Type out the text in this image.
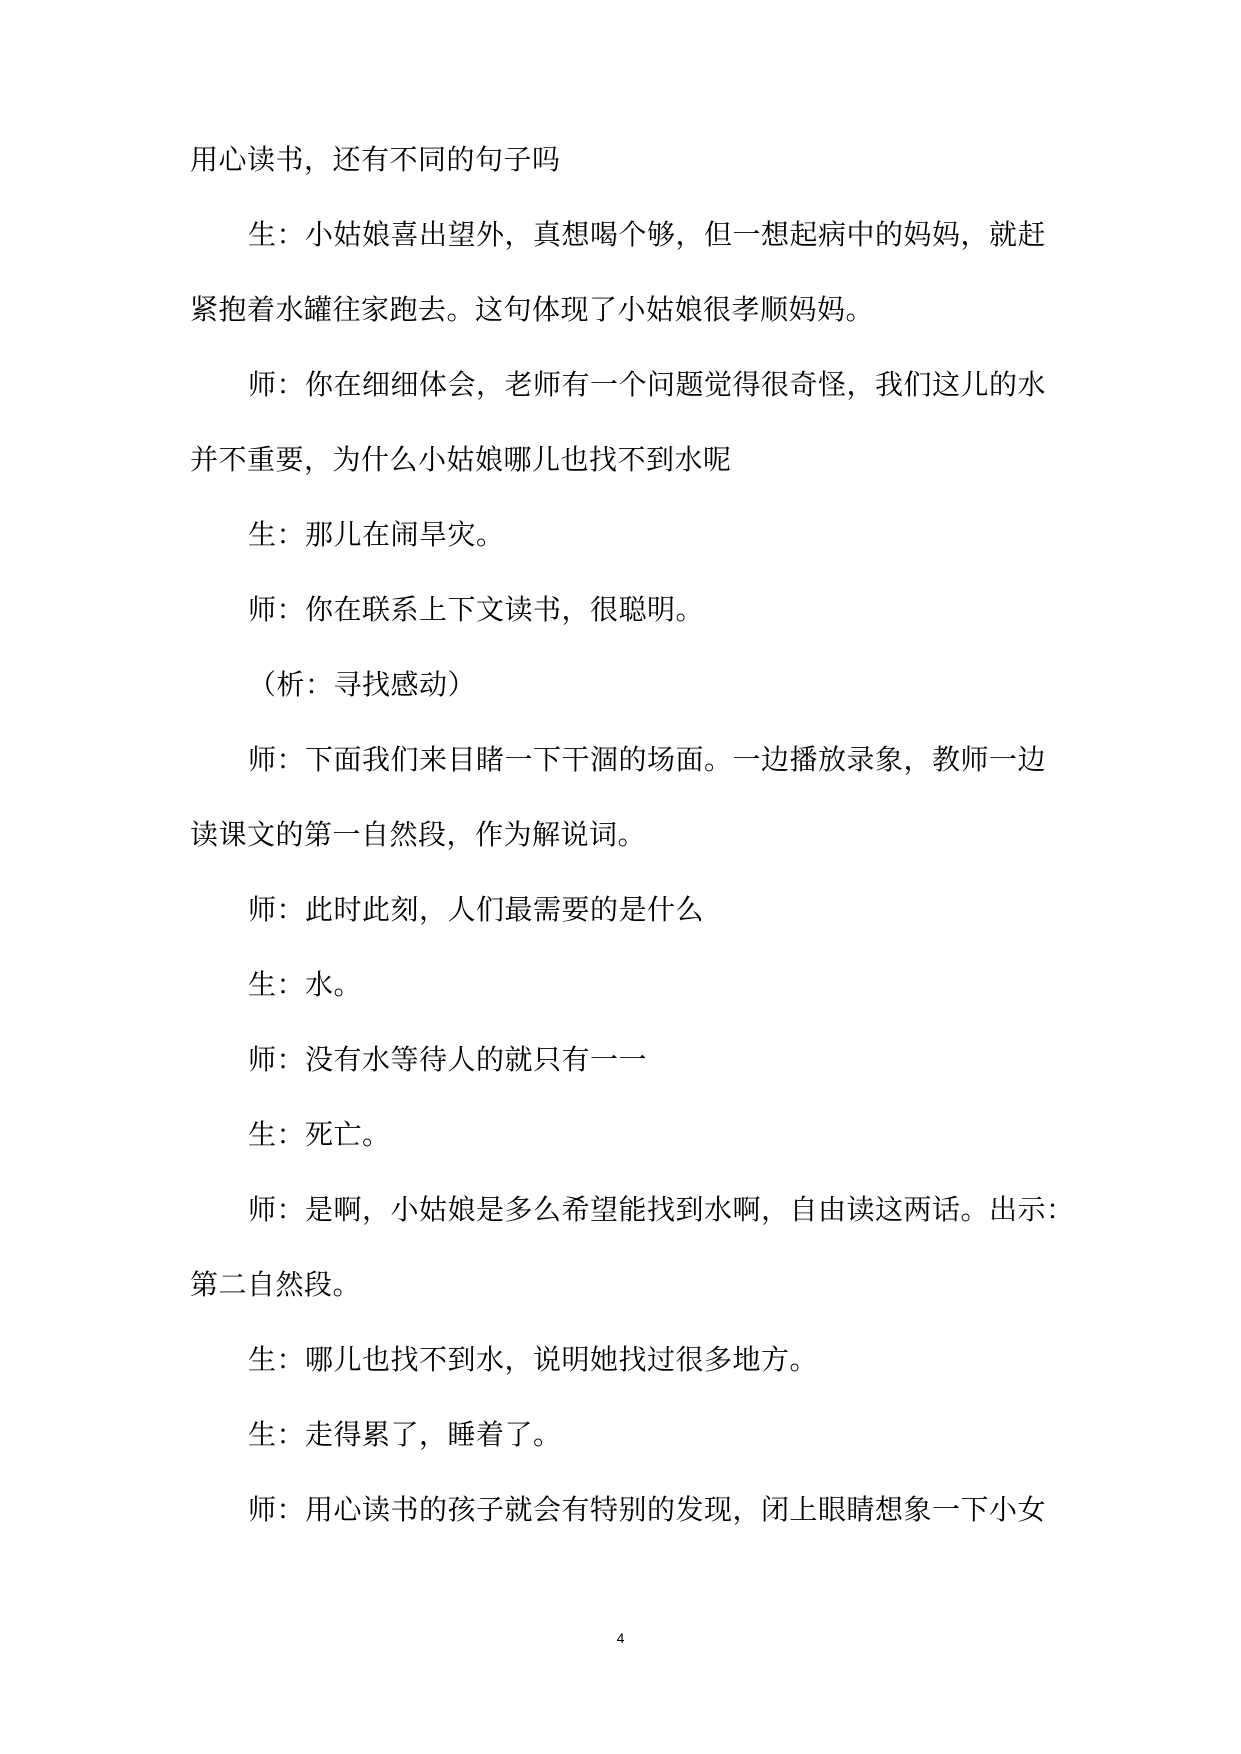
用心读书，还有不同的句子吗
生：小姑娘喜出望外，真想喝个够，但一想起病中的妈妈，就赶
紧抱着水罐往家跑去。这句体现了小姑娘很孝顺妈妈。
师：你在细细体会，老师有一个问题觉得很奇怪，我们这儿的水
并不重要，为什么小姑娘哪儿也找不到水呢
生：那儿在闹旱灾。
师：你在联系上下文读书，很聪明。
（析：寻找感动）
师：下面我们来目睹一下干涸的场面。一边播放录象，教师一边
读课文的第一自然段，作为解说词。
师：此时此刻，人们最需要的是什么
生：水。
师：没有水等待人的就只有一一
生：死亡。
师：是啊，小姑娘是多么希望能找到水啊，自由读这两话。出示：
第二自然段。
生：哪儿也找不到水，说明她找过很多地方。
生：走得累了，睡着了。
师：用心读书的孩子就会有特别的发现，闭上眼睛想象一下小女
4
